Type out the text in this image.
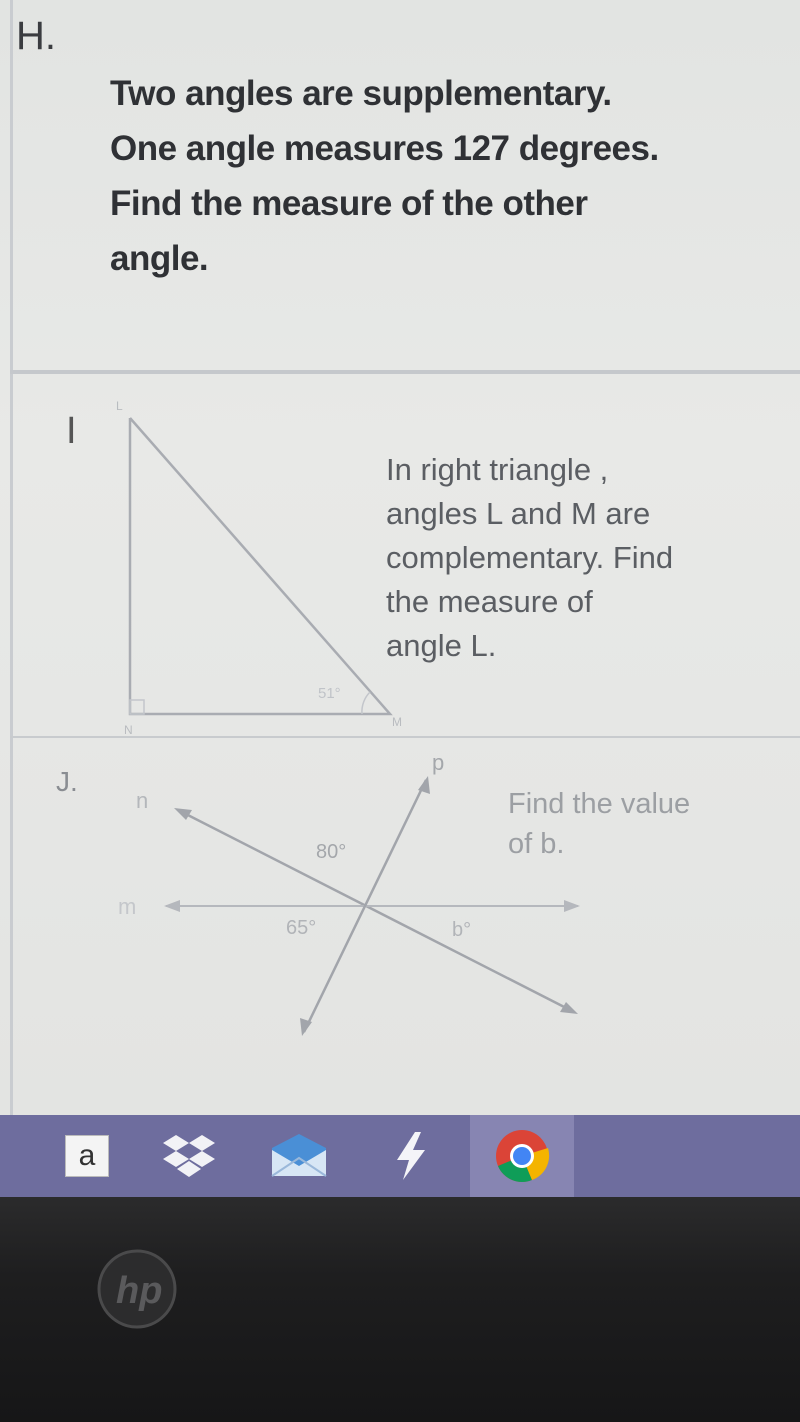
H.
Two angles are supplementary.
One angle measures 127 degrees.
Find the measure of the other
angle.
I
L
N
M
51°
In right triangle ,
angles L and M are
complementary. Find
the measure of
angle L.
J.
n
m
p
80°
65°	b°
Find the value
of b.
a
hp
